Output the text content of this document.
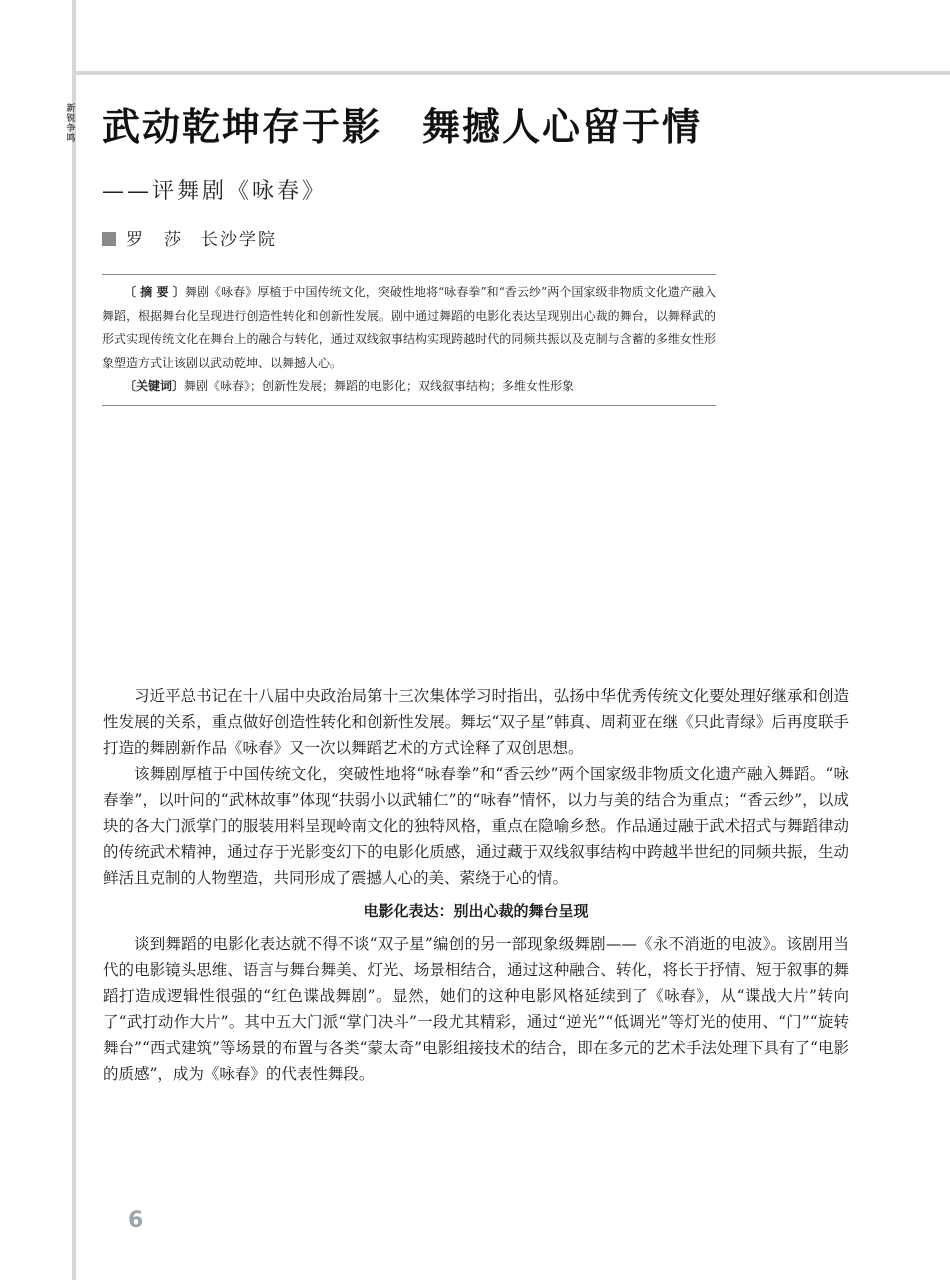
新锐争鸣 武动乾坤存于影 舞撼人心留于情
——评舞剧《咏春》
罗　莎 长沙学院

〔 摘 要 〕舞剧《咏春》厚植于中国传统文化，突破性地将“咏春拳”和“香云纱”两个国家级非物质文化遗产融入舞蹈，根据舞台化呈现进行创造性转化和创新性发展。剧中通过舞蹈的电影化表达呈现别出心裁的舞台，以舞释武的形式实现传统文化在舞台上的融合与转化，通过双线叙事结构实现跨越时代的同频共振以及克制与含蓄的多维女性形象塑造方式让该剧以武动乾坤、以舞撼人心。

〔关键词〕舞剧《咏春》；创新性发展；舞蹈的电影化；双线叙事结构；多维女性形象

习近平总书记在十八届中央政治局第十三次集体学习时指出，弘扬中华优秀传统文化要处理好继承和创造性发展的关系，重点做好创造性转化和创新性发展。舞坛“双子星”韩真、周莉亚在继《只此青绿》后再度联手打造的舞剧新作品《咏春》又一次以舞蹈艺术的方式诠释了双创思想。

该舞剧厚植于中国传统文化，突破性地将“咏春拳”和“香云纱”两个国家级非物质文化遗产融入舞蹈。“咏春拳”，以叶问的“武林故事”体现“扶弱小以武辅仁”的“咏春”情怀，以力与美的结合为重点；“香云纱”，以成块的各大门派掌门的服装用料呈现岭南文化的独特风格，重点在隐喻乡愁。作品通过融于武术招式与舞蹈律动的传统武术精神，通过存于光影变幻下的电影化质感，通过藏于双线叙事结构中跨越半世纪的同频共振，生动鲜活且克制的人物塑造，共同形成了震撼人心的美、萦绕于心的情。

电影化表达：别出心裁的舞台呈现

谈到舞蹈的电影化表达就不得不谈“双子星”编创的另一部现象级舞剧——《永不消逝的电波》。该剧用当代的电影镜头思维、语言与舞台舞美、灯光、场景相结合，通过这种融合、转化，将长于抒情、短于叙事的舞蹈打造成逻辑性很强的“红色谍战舞剧”。显然，她们的这种电影风格延续到了《咏春》，从“谍战大片”转向了“武打动作大片”。其中五大门派“掌门决斗”一段尤其精彩，通过“逆光”“低调光”等灯光的使用、“门”“旋转舞台”“西式建筑”等场景的布置与各类“蒙太奇”电影组接技术的结合，即在多元的艺术手法处理下具有了“电影的质感”，成为《咏春》的代表性舞段。

6
